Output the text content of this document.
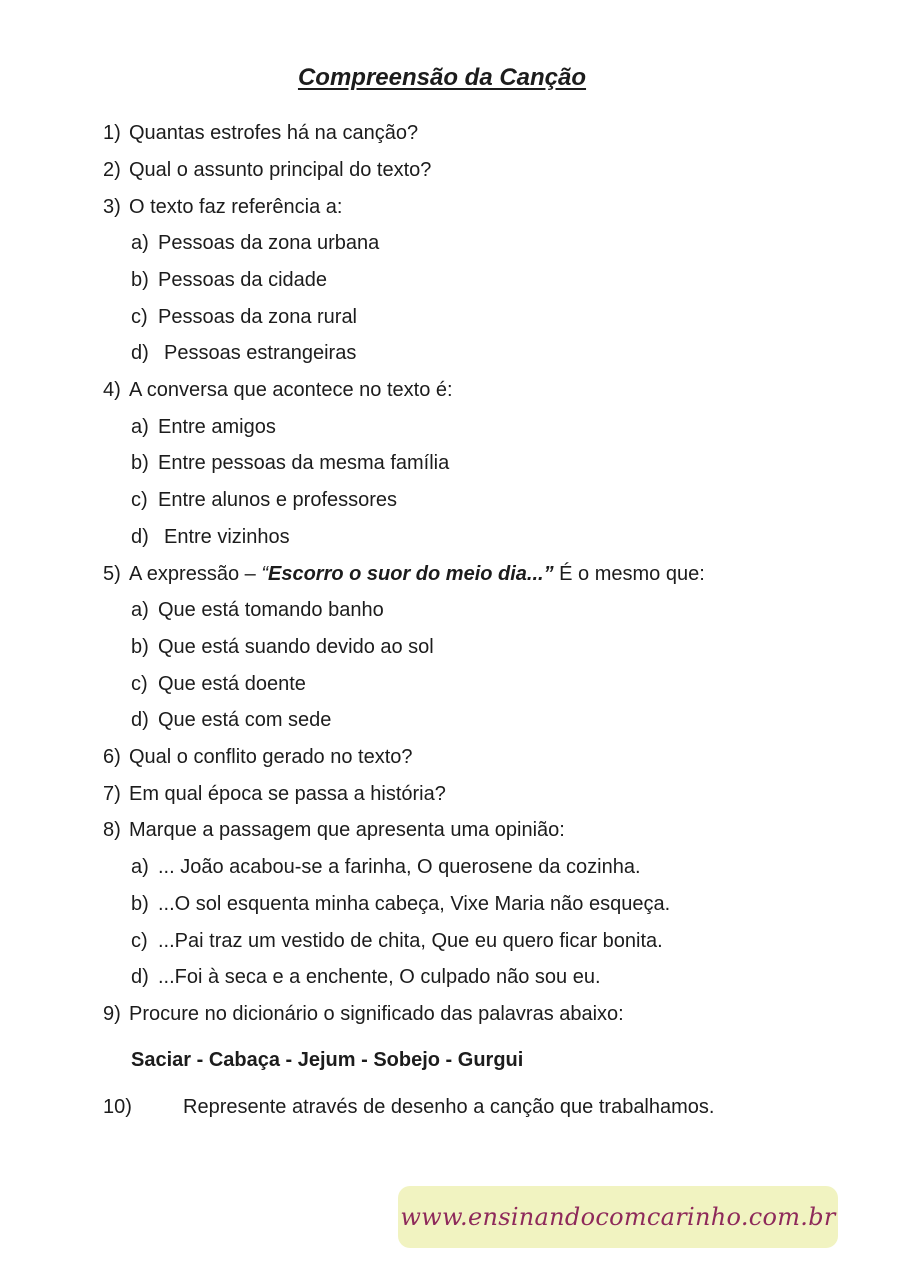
Compreensão da Canção
1) Quantas estrofes há na canção?
2) Qual o assunto principal do texto?
3) O texto faz referência a:
a) Pessoas da zona urbana
b) Pessoas da cidade
c) Pessoas da zona rural
d) Pessoas estrangeiras
4) A conversa que acontece no texto é:
a) Entre amigos
b) Entre pessoas da mesma família
c) Entre alunos e professores
d) Entre vizinhos
5) A expressão – “Escorro o suor do meio dia...” É o mesmo que:
a) Que está tomando banho
b) Que está suando devido ao sol
c) Que está doente
d) Que está com sede
6) Qual o conflito gerado no texto?
7) Em qual época se passa a história?
8) Marque a passagem que apresenta uma opinião:
a) ... João acabou-se a farinha, O querosene da cozinha.
b) ...O sol esquenta minha cabeça, Vixe Maria não esqueça.
c) ...Pai traz um vestido de chita, Que eu quero ficar bonita.
d) ...Foi à seca e a enchente, O culpado não sou eu.
9) Procure no dicionário o significado das palavras abaixo:
Saciar - Cabaça - Jejum - Sobejo - Gurgui
10)	Represente através de desenho a canção que trabalhamos.
www.ensinandocomcarinho.com.br
